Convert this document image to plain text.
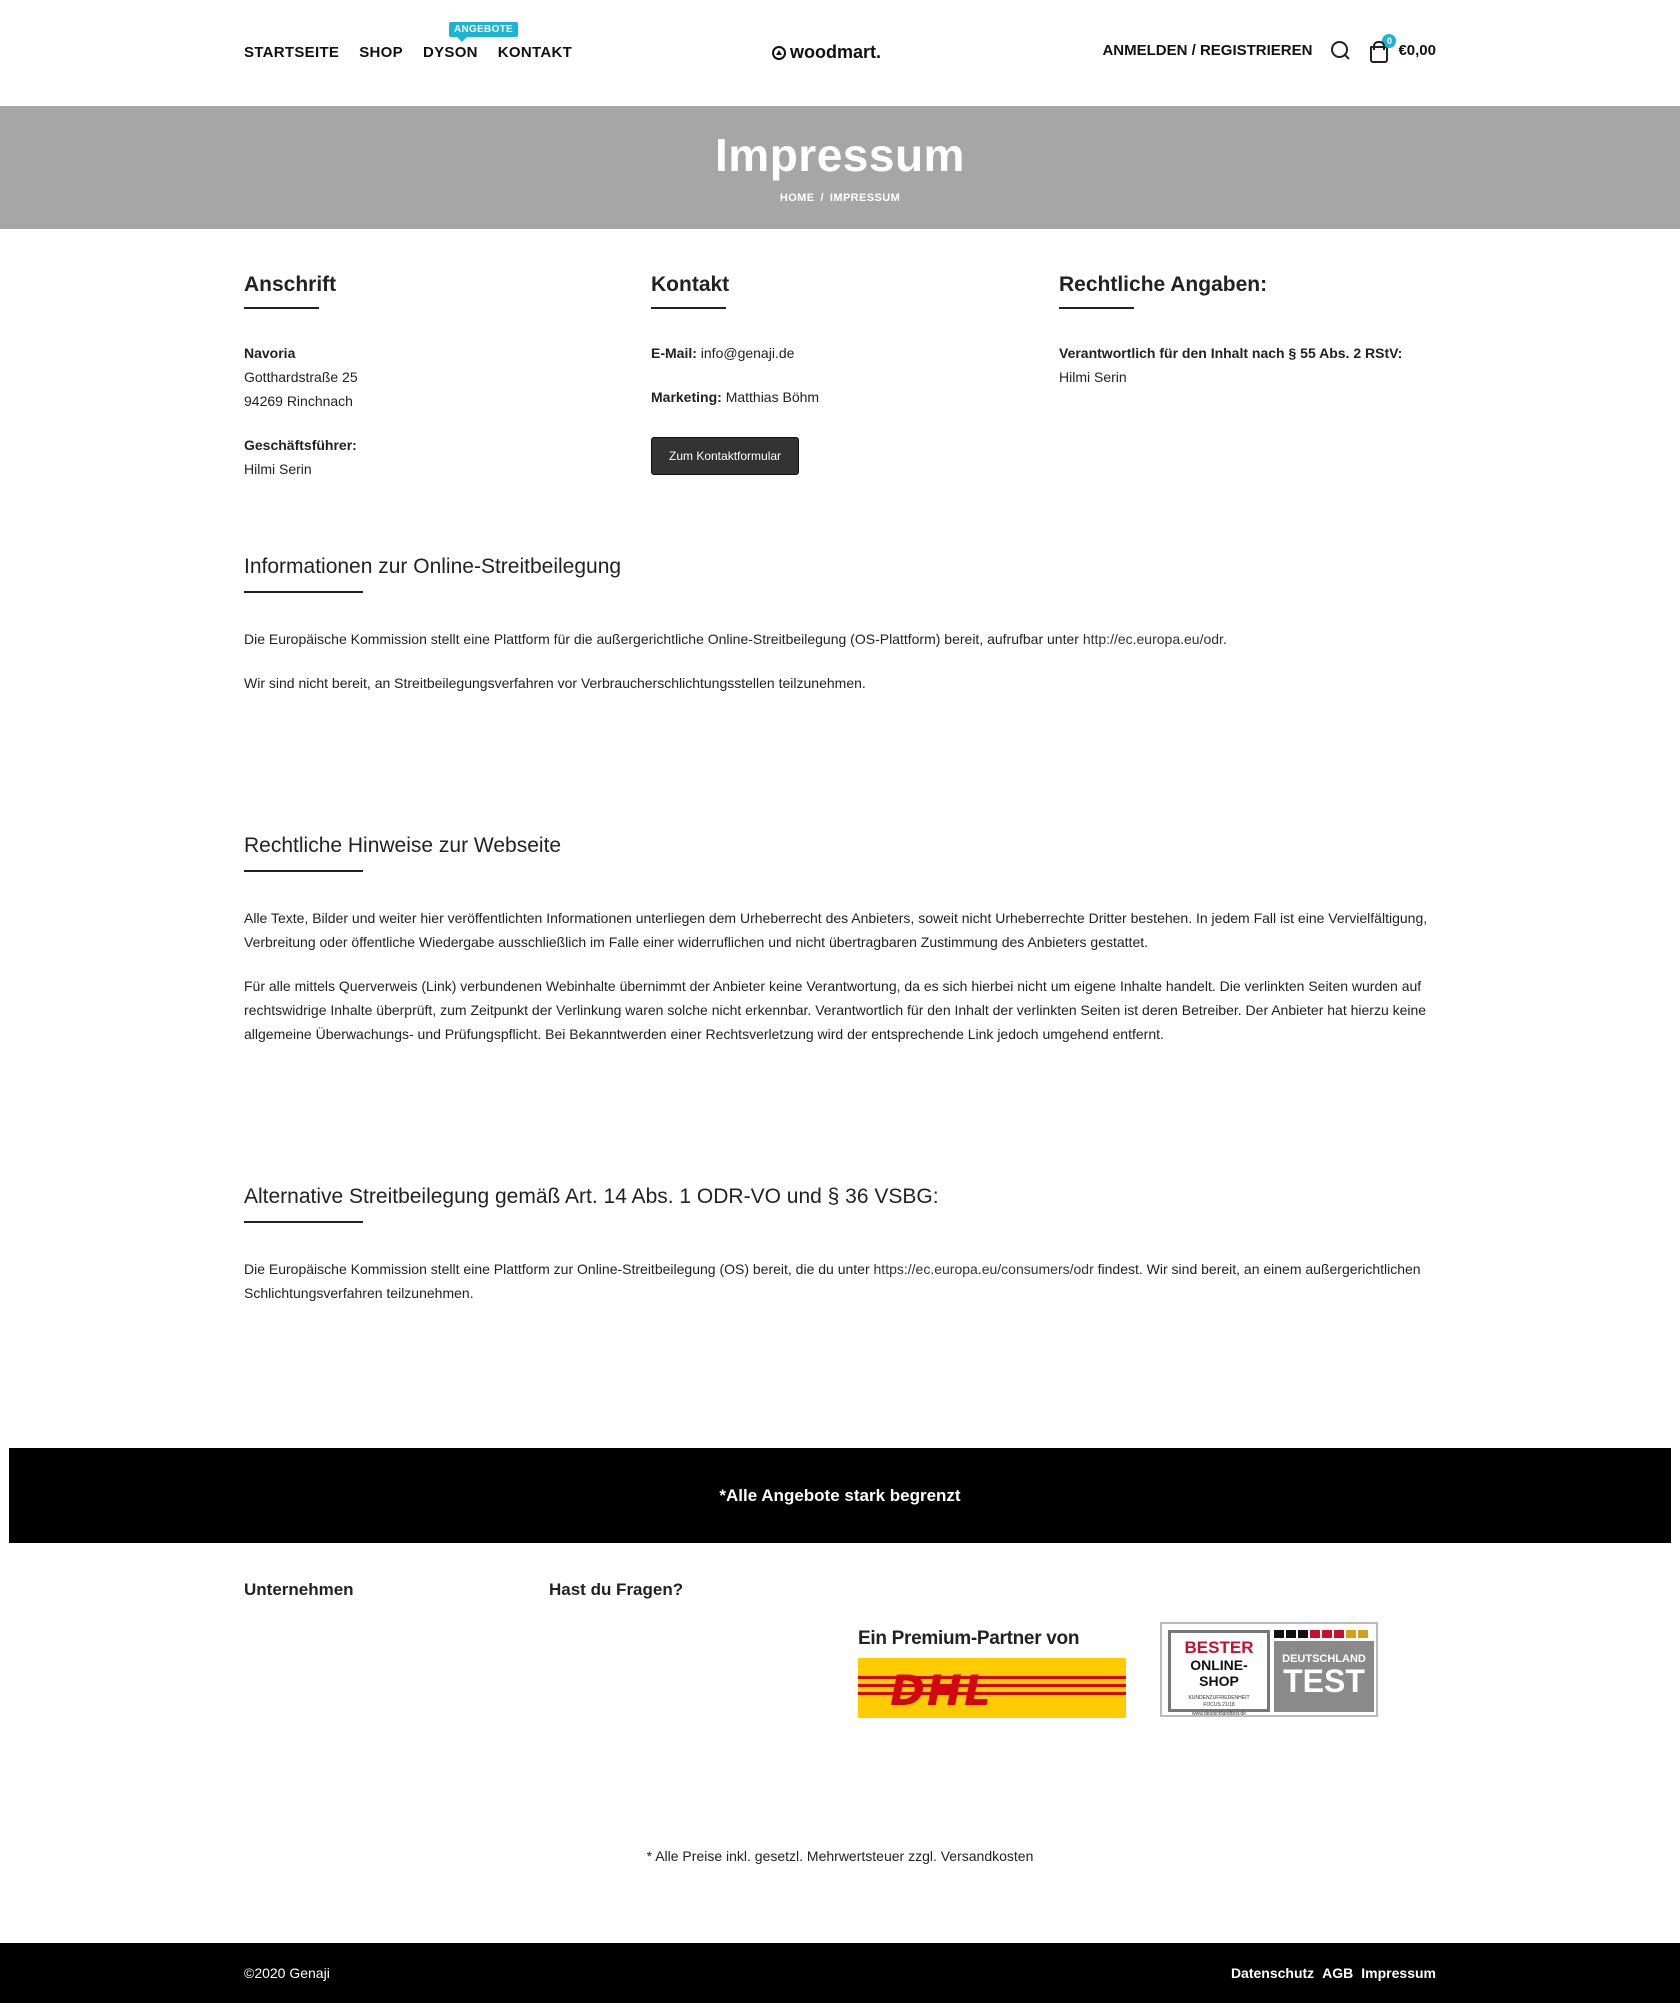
STARTSEITE SHOP DYSON
ANGEBOTE
KONTAKT	woodmart.	ANMELDEN / REGISTRIEREN
0
€0,00
Impressum
HOME / IMPRESSUM
Anschrift
Navoria
Gotthardstraße 25
94269 Rinchnach

Geschäftsführer:
Hilmi Serin
Kontakt
E-Mail: info@genaji.de
Marketing: Matthias Böhm
Zum Kontaktformular
Rechtliche Angaben:
Verantwortlich für den Inhalt nach § 55 Abs. 2 RStV:
Hilmi Serin
Informationen zur Online-Streitbeilegung

Die Europäische Kommission stellt eine Plattform für die außergerichtliche Online-Streitbeilegung (OS-Plattform) bereit, aufrufbar unter http://ec.europa.eu/odr.

Wir sind nicht bereit, an Streitbeilegungsverfahren vor Verbraucherschlichtungsstellen teilzunehmen.

Rechtliche Hinweise zur Webseite

Alle Texte, Bilder und weiter hier veröffentlichten Informationen unterliegen dem Urheberrecht des Anbieters, soweit nicht Urheberrechte Dritter bestehen. In jedem Fall ist eine Vervielfältigung, Verbreitung oder öffentliche Wiedergabe ausschließlich im Falle einer widerruflichen und nicht übertragbaren Zustimmung des Anbieters gestattet.

Für alle mittels Querverweis (Link) verbundenen Webinhalte übernimmt der Anbieter keine Verantwortung, da es sich hierbei nicht um eigene Inhalte handelt. Die verlinkten Seiten wurden auf rechtswidrige Inhalte überprüft, zum Zeitpunkt der Verlinkung waren solche nicht erkennbar. Verantwortlich für den Inhalt der verlinkten Seiten ist deren Betreiber. Der Anbieter hat hierzu keine allgemeine Überwachungs- und Prüfungspflicht. Bei Bekanntwerden einer Rechtsverletzung wird der entsprechende Link jedoch umgehend entfernt.

Alternative Streitbeilegung gemäß Art. 14 Abs. 1 ODR-VO und § 36 VSBG:

Die Europäische Kommission stellt eine Plattform zur Online-Streitbeilegung (OS) bereit, die du unter https://ec.europa.eu/consumers/odr findest. Wir sind bereit, an einem außergerichtlichen Schlichtungsverfahren teilzunehmen.

*Alle Angebote stark begrenzt
Unternehmen	Hast du Fragen?
Ein Premium-Partner von
DHL
BESTER
ONLINE-SHOP
KUNDENZUFRIEDENHEIT
FOCUS 21/18
www.deutschlandtest.de
DEUTSCHLAND
TEST
* Alle Preise inkl. gesetzl. Mehrwertsteuer zzgl. Versandkosten
©2020 Genaji	Datenschutz AGB Impressum
